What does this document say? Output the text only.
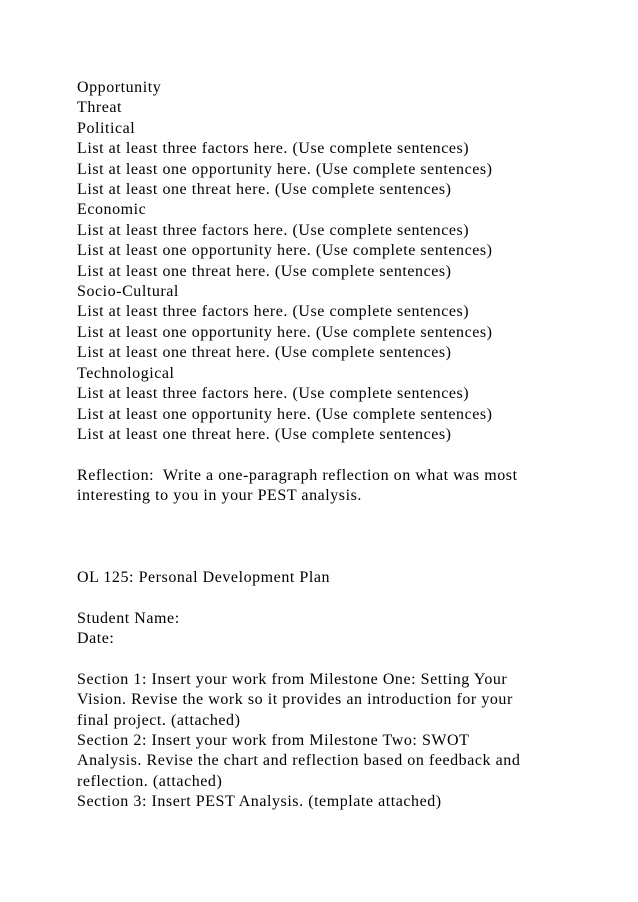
Opportunity
Threat
Political
List at least three factors here. (Use complete sentences)
List at least one opportunity here. (Use complete sentences)
List at least one threat here. (Use complete sentences)
Economic
List at least three factors here. (Use complete sentences)
List at least one opportunity here. (Use complete sentences)
List at least one threat here. (Use complete sentences)
Socio-Cultural
List at least three factors here. (Use complete sentences)
List at least one opportunity here. (Use complete sentences)
List at least one threat here. (Use complete sentences)
Technological
List at least three factors here. (Use complete sentences)
List at least one opportunity here. (Use complete sentences)
List at least one threat here. (Use complete sentences)
Reflection:  Write a one-paragraph reflection on what was most
interesting to you in your PEST analysis.
OL 125: Personal Development Plan
Student Name:
Date:
Section 1: Insert your work from Milestone One: Setting Your
Vision. Revise the work so it provides an introduction for your
final project. (attached)
Section 2: Insert your work from Milestone Two: SWOT
Analysis. Revise the chart and reflection based on feedback and
reflection. (attached)
Section 3: Insert PEST Analysis. (template attached)
